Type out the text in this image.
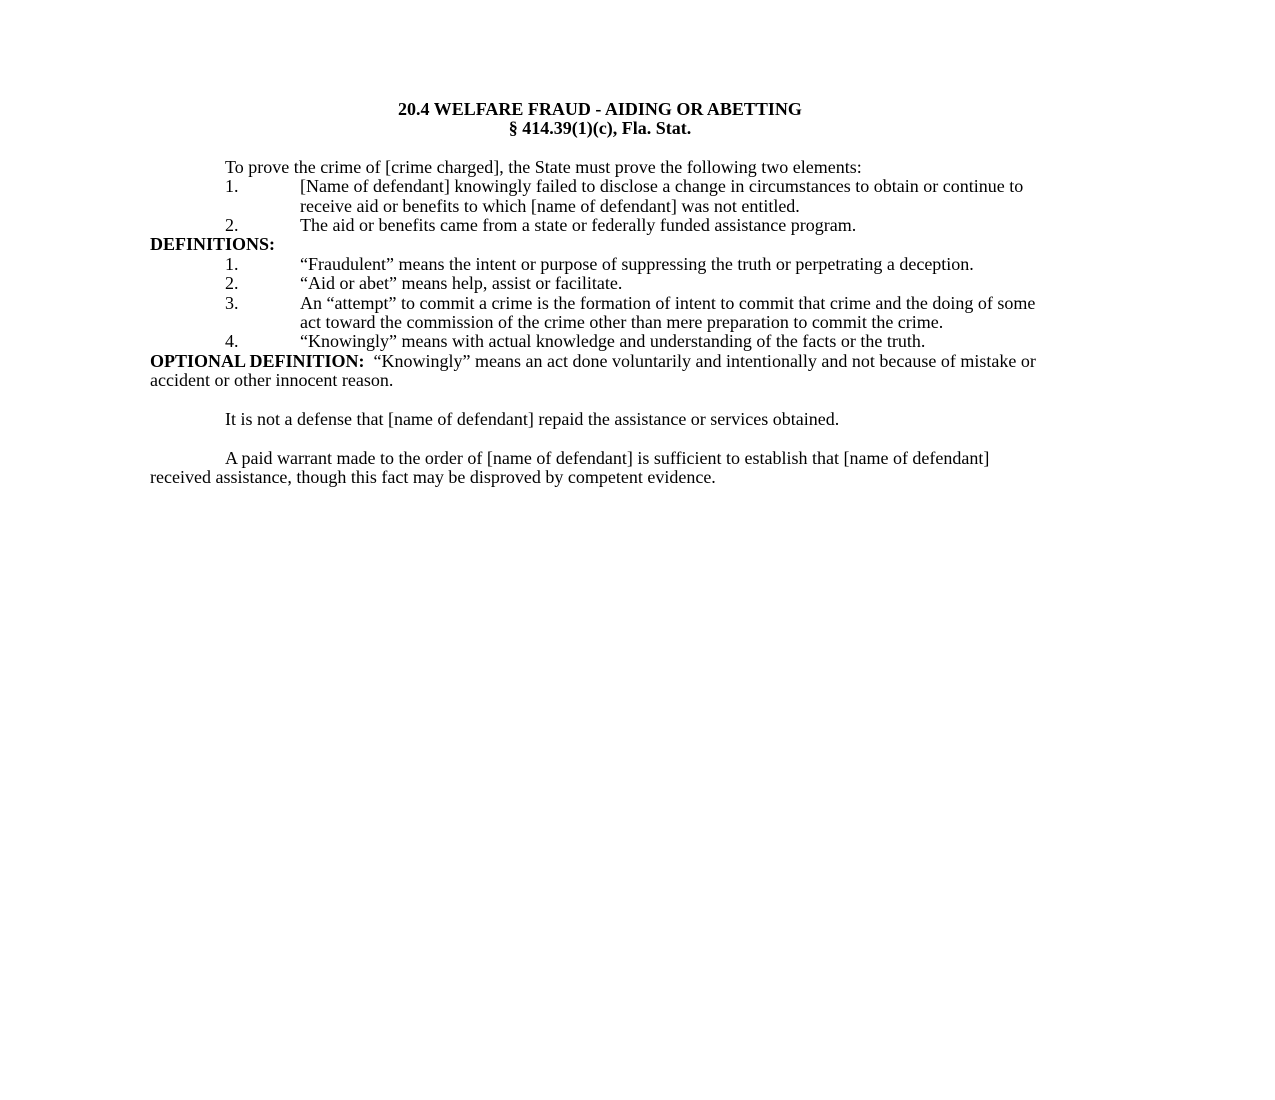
20.4 WELFARE FRAUD - AIDING OR ABETTING
§ 414.39(1)(c), Fla. Stat.

To prove the crime of [crime charged], the State must prove the following two elements:

1.	[Name of defendant] knowingly failed to disclose a change in circumstances to obtain or continue to receive aid or benefits to which [name of defendant] was not entitled.
2.	The aid or benefits came from a state or federally funded assistance program.

DEFINITIONS:

1.	“Fraudulent” means the intent or purpose of suppressing the truth or perpetrating a deception.
2.	“Aid or abet” means help, assist or facilitate.
3.	An “attempt” to commit a crime is the formation of intent to commit that crime and the doing of some act toward the commission of the crime other than mere preparation to commit the crime.
4.	“Knowingly” means with actual knowledge and understanding of the facts or the truth.

OPTIONAL DEFINITION: “Knowingly” means an act done voluntarily and intentionally and not because of mistake or accident or other innocent reason.

It is not a defense that [name of defendant] repaid the assistance or services obtained.

A paid warrant made to the order of [name of defendant] is sufficient to establish that [name of defendant] received assistance, though this fact may be disproved by competent evidence.
